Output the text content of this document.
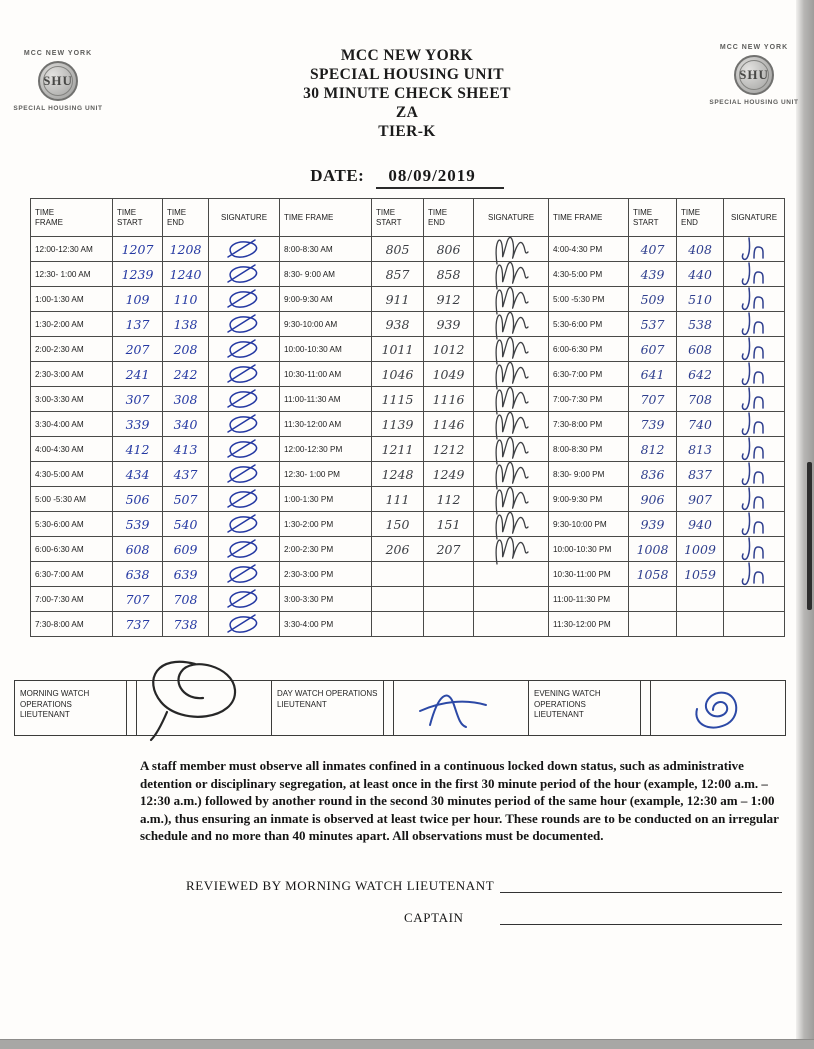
MCC NEW YORK
SHU
SPECIAL HOUSING UNIT
MCC NEW YORK
SHU
SPECIAL HOUSING UNIT
MCC NEW YORK
SPECIAL HOUSING UNIT
30 MINUTE CHECK SHEET
ZA
TIER-K
DATE: 08/09/2019
TIME FRAME	TIME START	TIME END	SIGNATURE	TIME FRAME	TIME START	TIME END	SIGNATURE	TIME FRAME	TIME START	TIME END	SIGNATURE
12:00-12:30 AM	1207	1208		8:00-8:30 AM	805	806		4:00-4:30 PM	407	408	
12:30- 1:00 AM	1239	1240		8:30- 9:00 AM	857	858		4:30-5:00 PM	439	440	
1:00-1:30 AM	109	110		9:00-9:30 AM	911	912		5:00 -5:30 PM	509	510	
1:30-2:00 AM	137	138		9:30-10:00 AM	938	939		5:30-6:00 PM	537	538	
2:00-2:30 AM	207	208		10:00-10:30 AM	1011	1012		6:00-6:30 PM	607	608	
2:30-3:00 AM	241	242		10:30-11:00 AM	1046	1049		6:30-7:00 PM	641	642	
3:00-3:30 AM	307	308		11:00-11:30 AM	1115	1116		7:00-7:30 PM	707	708	
3:30-4:00 AM	339	340		11:30-12:00 AM	1139	1146		7:30-8:00 PM	739	740	
4:00-4:30 AM	412	413		12:00-12:30 PM	1211	1212		8:00-8:30 PM	812	813	
4:30-5:00 AM	434	437		12:30- 1:00 PM	1248	1249		8:30- 9:00 PM	836	837	
5:00 -5:30 AM	506	507		1:00-1:30 PM	111	112		9:00-9:30 PM	906	907	
5:30-6:00 AM	539	540		1:30-2:00 PM	150	151		9:30-10:00 PM	939	940	
6:00-6:30 AM	608	609		2:00-2:30 PM	206	207		10:00-10:30 PM	1008	1009	
6:30-7:00 AM	638	639		2:30-3:00 PM				10:30-11:00 PM	1058	1059	
7:00-7:30 AM	707	708		3:00-3:30 PM				11:00-11:30 PM			
7:30-8:00 AM	737	738		3:30-4:00 PM				11:30-12:00 PM			
MORNING WATCH OPERATIONS LIEUTENANT
DAY WATCH OPERATIONS LIEUTENANT
EVENING WATCH OPERATIONS LIEUTENANT

A staff member must observe all inmates confined in a continuous locked down status, such as administrative detention or disciplinary segregation, at least once in the first 30 minute period of the hour (example, 12:00 a.m. – 12:30 a.m.) followed by another round in the second 30 minutes period of the same hour (example, 12:30 am – 1:00 a.m.), thus ensuring an inmate is observed at least twice per hour. These rounds are to be conducted on an irregular schedule and no more than 40 minutes apart. All observations must be documented.

REVIEWED BY MORNING WATCH LIEUTENANT
CAPTAIN
